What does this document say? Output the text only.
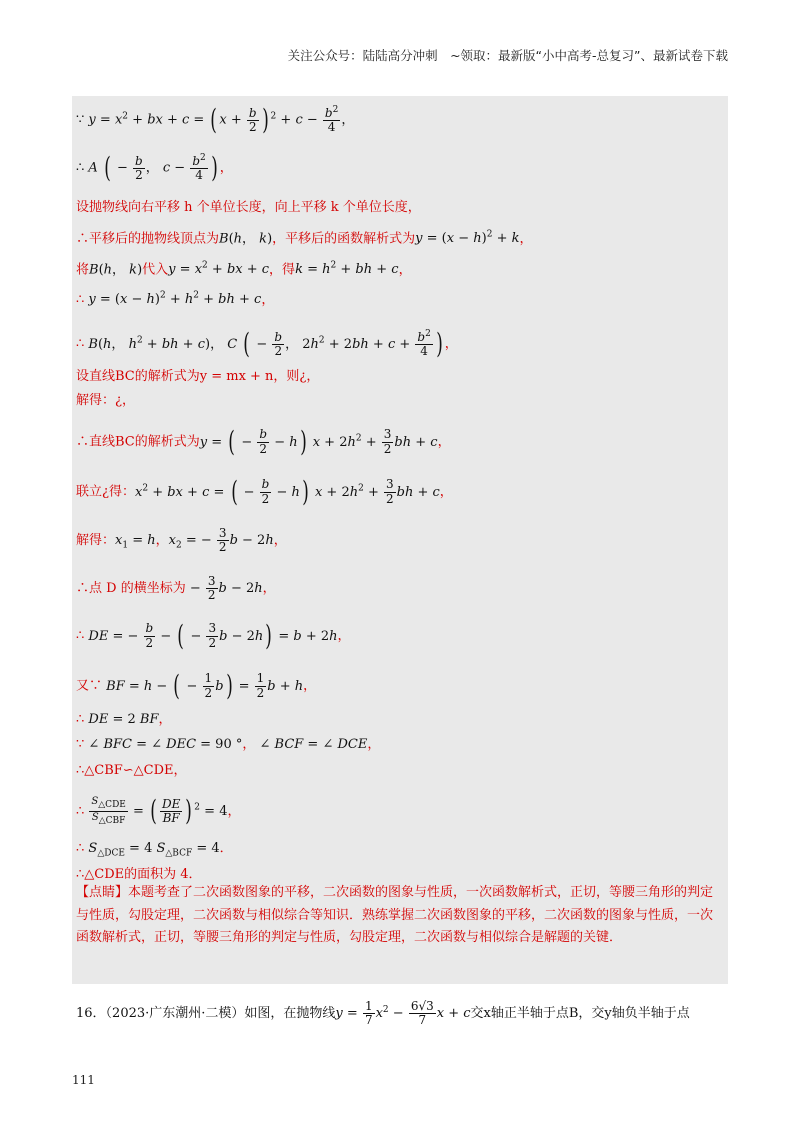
关注公众号：陆陆高分冲刺　~领取：最新版“小中高考-总复习”、最新试卷下载
∵ $y = x^2$ + bx + c = ( $x + \frac{b}{2}$ ) $^2 + c - \frac{b^2}{4}$ ，
∴ A ( − $\frac{b}{2}$ ， $c - \frac{b^2}{4}$ ) ，
设抛物线向右平移 h 个单位长度，向上平移 k 个单位长度，
∴平移后的抛物线顶点为B(h， k)，平移后的函数解析式为$y = (x - h)^2 + k$，
将B(h， k)代入$y = x^2$ + bx + c，得$k = h^2$ + bh + c，
∴ $y = (x - h)^2 + h^2$ + bh + c，
∴ B(h， $h^2$ + bh + c)， C ( − $\frac{b}{2}$ ， $2h^2 + 2bh + c + \frac{b^2}{4}$ ) ，
设直线BC的解析式为y = mx + n，则¿，
解得：¿，
∴直线BC的解析式为y = ( − $\frac{b}{2} - h$) $x + 2h^2 + \frac{3}{2}$ bh + c，
联立¿得：$x^2$ + bx + c = ( − $\frac{b}{2} - h$) $x + 2h^2 + \frac{3}{2}$ bh + c，
解得：$x_1 = h$，$x_2$ = − $\frac{3}{2}$ b − 2h，
∴点 D 的横坐标为 − $\frac{3}{2}$ b − 2h，
∴ DE = − $\frac{b}{2}$ − ( − $\frac{3}{2}$ b − 2h) = b + 2h，
又∵ BF = h − ( − $\frac{1}{2} b) = \frac{1}{2}$ b + h，
∴ DE = 2 BF，
∵ ∠ BFC = ∠ DEC = 90 °， ∠ BCF = ∠ DCE，
∴△CBF∽△CDE，
∴ $\frac{S_{\triangle CDE}}{S_{\triangle CBF}}$ = ( $\frac{DE}{BF}$ ) $^2$ = 4，
∴ $S_{\triangle DCE} = 4$ $S_{\triangle BCF} = 4$．
∴△CDE的面积为 4．
【点睛】本题考查了二次函数图象的平移，二次函数的图象与性质，一次函数解析式，正切，等腰三角形的判定与性质，勾股定理，二次函数与相似综合等知识．熟练掌握二次函数图象的平移，二次函数的图象与性质，一次函数解析式，正切，等腰三角形的判定与性质，勾股定理，二次函数与相似综合是解题的关键．
16．（2023·广东潮州·二模）如图，在抛物线$y = \frac{1}{7} x^2 - \frac{6√3}{7}$ x + c交x轴正半轴于点B，交y轴负半轴于点
111
